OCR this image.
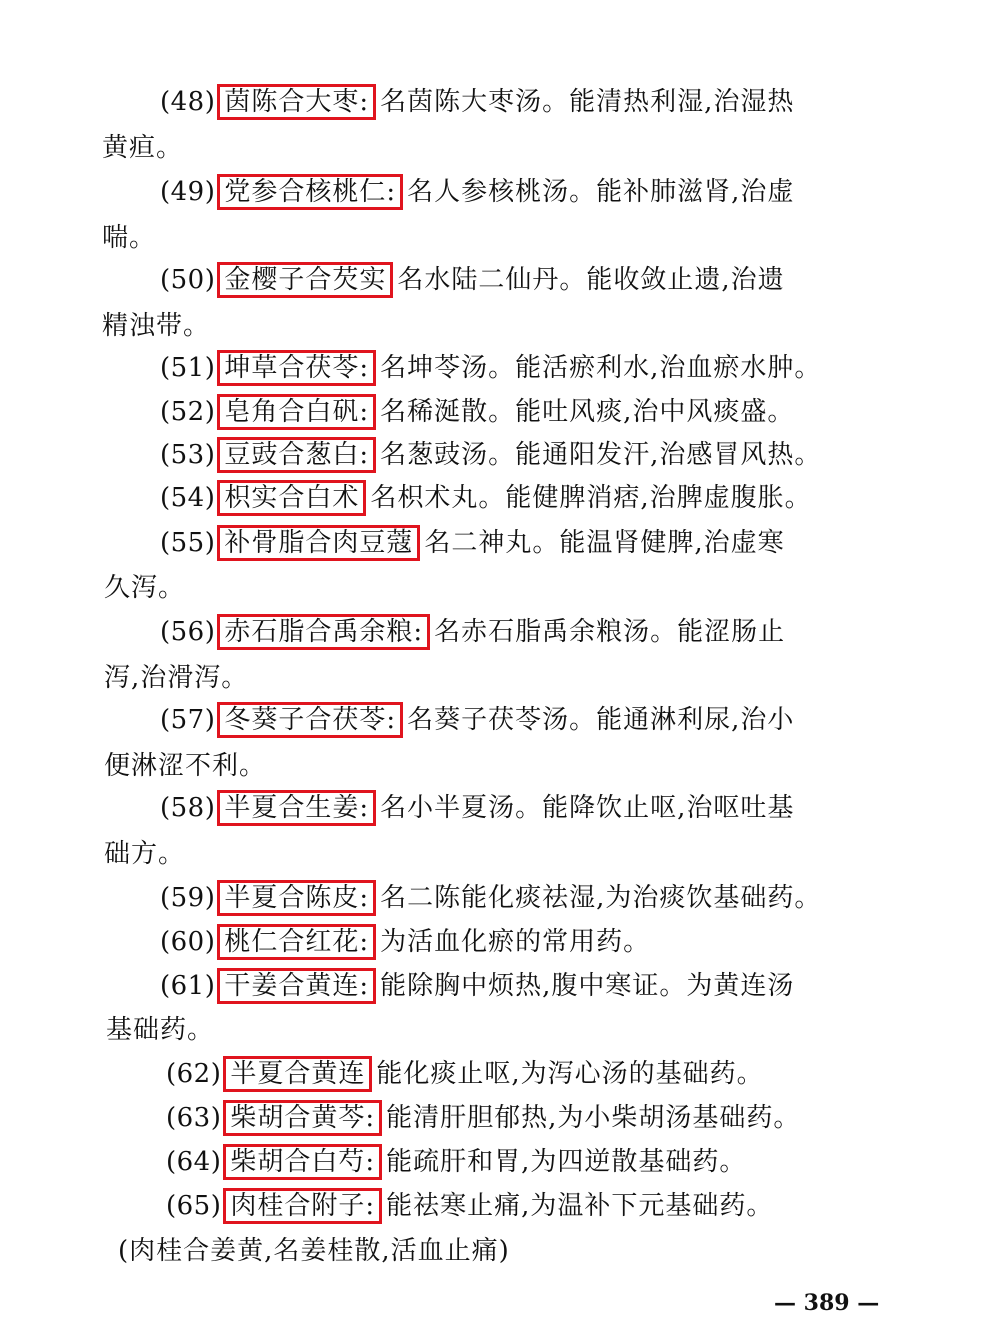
(48) 茵陈合大枣: 名茵陈大枣汤。能清热利湿,治湿热
黄疸。
(49) 党参合核桃仁: 名人参核桃汤。能补肺滋肾,治虚
喘。
(50) 金樱子合芡实 名水陆二仙丹。能收敛止遗,治遗
精浊带。
(51) 坤草合茯苓: 名坤苓汤。能活瘀利水,治血瘀水肿。
(52) 皂角合白矾: 名稀涎散。能吐风痰,治中风痰盛。
(53) 豆豉合葱白: 名葱豉汤。能通阳发汗,治感冒风热。
(54) 枳实合白术 名枳术丸。能健脾消痞,治脾虚腹胀。
(55) 补骨脂合肉豆蔻 名二神丸。能温肾健脾,治虚寒
久泻。
(56) 赤石脂合禹余粮: 名赤石脂禹余粮汤。能涩肠止
泻,治滑泻。
(57) 冬葵子合茯苓: 名葵子茯苓汤。能通淋利尿,治小
便淋涩不利。
(58) 半夏合生姜: 名小半夏汤。能降饮止呕,治呕吐基
础方。
(59) 半夏合陈皮: 名二陈能化痰祛湿,为治痰饮基础药。
(60) 桃仁合红花: 为活血化瘀的常用药。
(61) 干姜合黄连: 能除胸中烦热,腹中寒证。为黄连汤
基础药。
(62) 半夏合黄连 能化痰止呕,为泻心汤的基础药。
(63) 柴胡合黄芩: 能清肝胆郁热,为小柴胡汤基础药。
(64) 柴胡合白芍: 能疏肝和胃,为四逆散基础药。
(65) 肉桂合附子: 能祛寒止痛,为温补下元基础药。
(肉桂合姜黄,名姜桂散,活血止痛)
— 389 —
